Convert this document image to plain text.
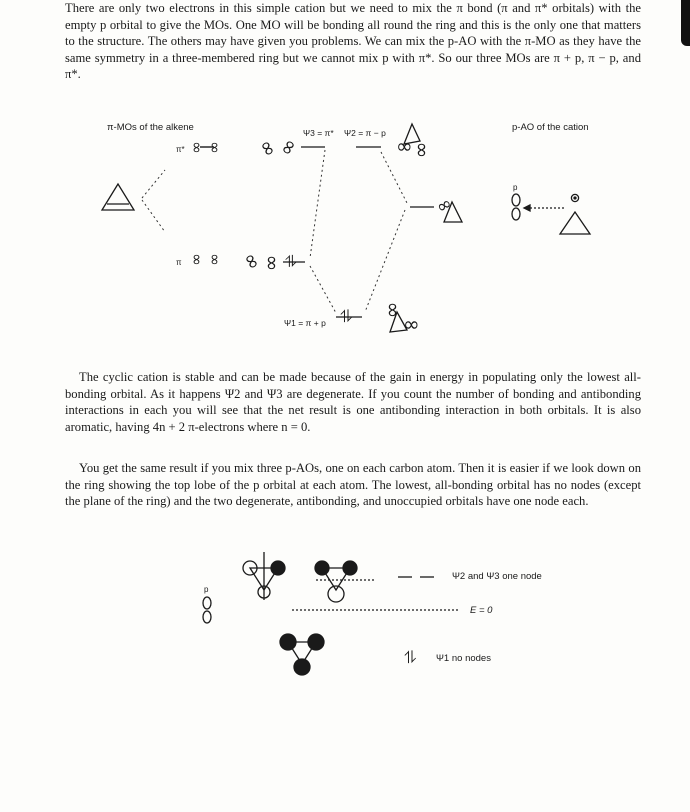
There are only two electrons in this simple cation but we need to mix the π bond (π and π* orbitals) with the empty p orbital to give the MOs. One MO will be bonding all round the ring and this is the only one that matters to the structure. The others may have given you problems. We can mix the p-AO with the π-MO as they have the same symmetry in a three-membered ring but we cannot mix p with π*. So our three MOs are π + p, π − p, and π*.

π-MOs of the alkene	p-AO of the cation
π* ∞ ∞ ∞
∞
Ψ3 = π* Ψ2 = π − p
∞
∞
∞
π ∞ ∞ ∞
∞ ⥮
Ψ1 = π + p ⥮ ∞
∞
p

The cyclic cation is stable and can be made because of the gain in energy in populating only the lowest all-bonding orbital. As it happens Ψ2 and Ψ3 are degenerate. If you count the number of bonding and antibonding interactions in each you will see that the net result is one antibonding interaction in both orbitals. It is also aromatic, having 4n + 2 π-electrons where n = 0.

You get the same result if you mix three p-AOs, one on each carbon atom. Then it is easier if we look down on the ring showing the top lobe of the p orbital at each atom. The lowest, all-bonding orbital has no nodes (except the plane of the ring) and the two degenerate, antibonding, and unoccupied orbitals have one node each.

p
Ψ2 and Ψ3 one node
E = 0
⥮ Ψ1 no nodes
